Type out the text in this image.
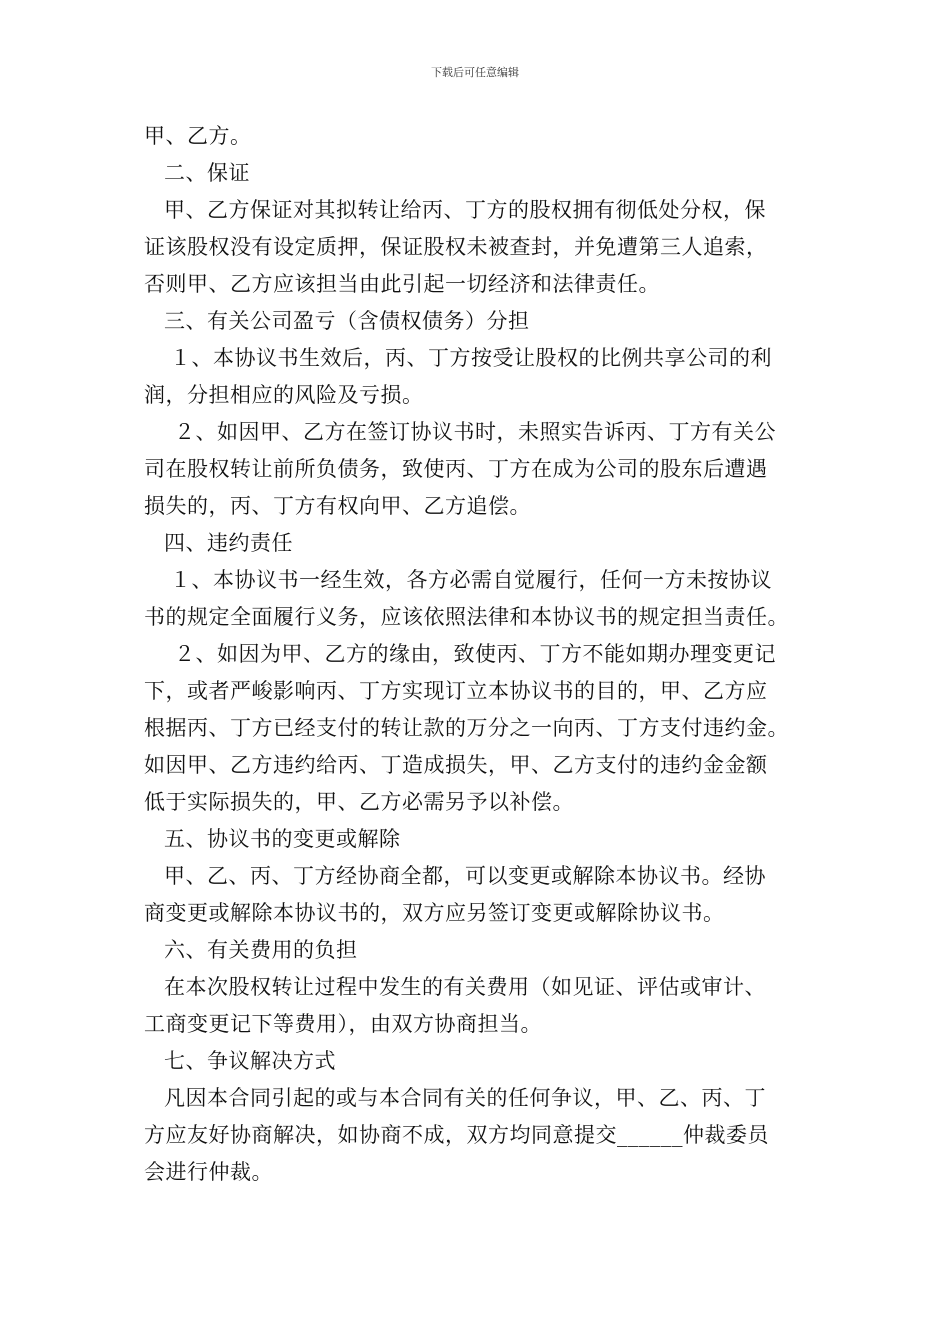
下载后可任意编辑
甲、乙方。
二、保证
甲、乙方保证对其拟转让给丙、丁方的股权拥有彻低处分权，保
证该股权没有设定质押，保证股权未被查封，并免遭第三人追索，
否则甲、乙方应该担当由此引起一切经济和法律责任。
三、有关公司盈亏（含债权债务）分担
１、本协议书生效后，丙、丁方按受让股权的比例共享公司的利
润，分担相应的风险及亏损。
２、如因甲、乙方在签订协议书时，未照实告诉丙、丁方有关公
司在股权转让前所负债务，致使丙、丁方在成为公司的股东后遭遇
损失的，丙、丁方有权向甲、乙方追偿。
四、违约责任
１、本协议书一经生效，各方必需自觉履行，任何一方未按协议
书的规定全面履行义务，应该依照法律和本协议书的规定担当责任。
２、如因为甲、乙方的缘由，致使丙、丁方不能如期办理变更记
下，或者严峻影响丙、丁方实现订立本协议书的目的，甲、乙方应
根据丙、丁方已经支付的转让款的万分之一向丙、丁方支付违约金。
如因甲、乙方违约给丙、丁造成损失，甲、乙方支付的违约金金额
低于实际损失的，甲、乙方必需另予以补偿。
五、协议书的变更或解除
甲、乙、丙、丁方经协商全都，可以变更或解除本协议书。经协
商变更或解除本协议书的，双方应另签订变更或解除协议书。
六、有关费用的负担
在本次股权转让过程中发生的有关费用（如见证、评估或审计、
工商变更记下等费用），由双方协商担当。
七、争议解决方式
凡因本合同引起的或与本合同有关的任何争议，甲、乙、丙、丁
方应友好协商解决，如协商不成，双方均同意提交______仲裁委员
会进行仲裁。
